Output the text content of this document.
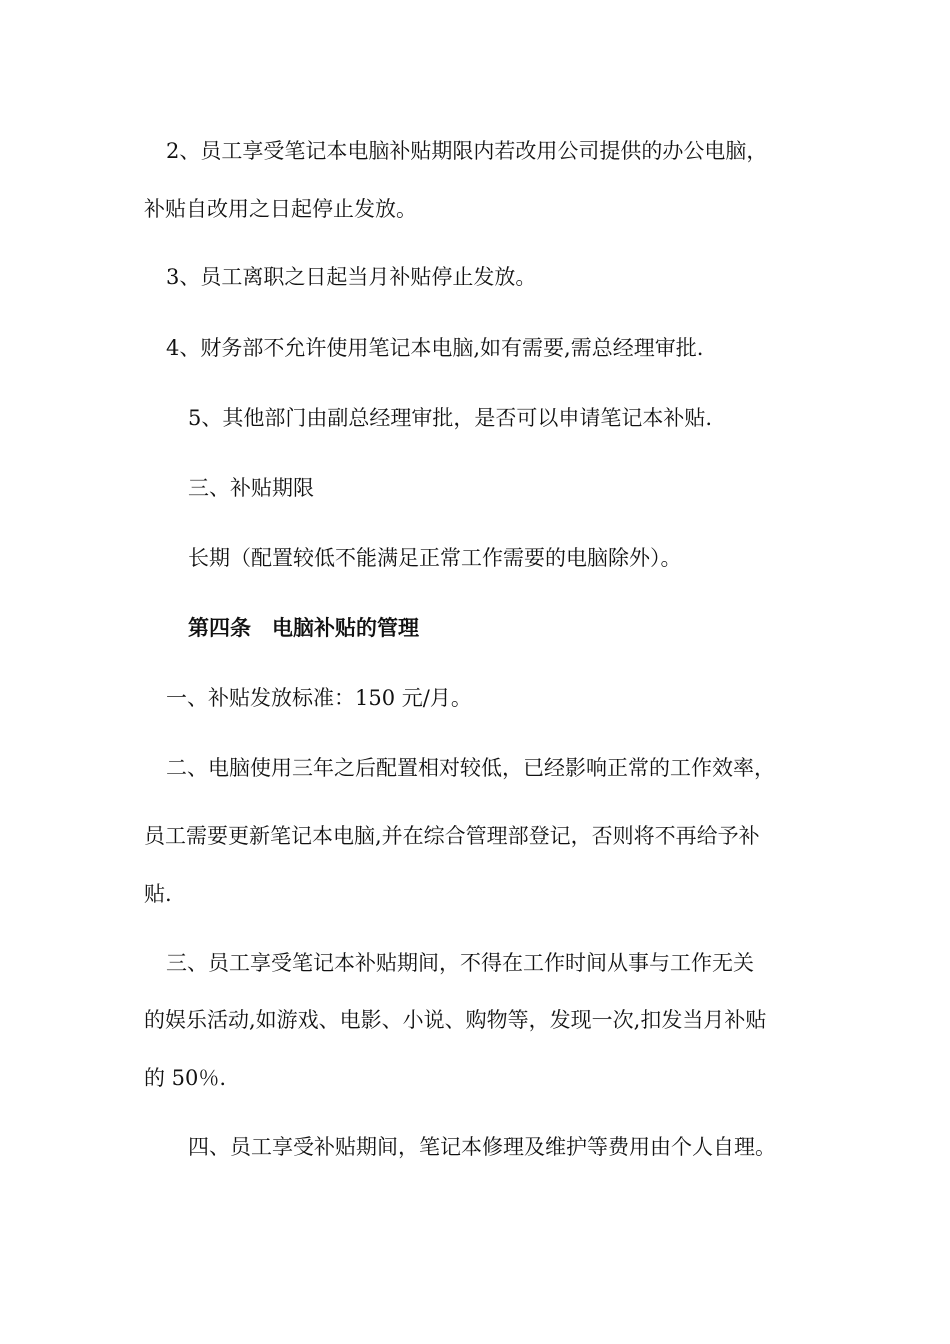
2、员工享受笔记本电脑补贴期限内若改用公司提供的办公电脑，
补贴自改用之日起停止发放。
3、员工离职之日起当月补贴停止发放。
4、财务部不允许使用笔记本电脑,如有需要,需总经理审批.
5、其他部门由副总经理审批，是否可以申请笔记本补贴.
三、补贴期限
长期（配置较低不能满足正常工作需要的电脑除外）。
第四条　电脑补贴的管理
一、补贴发放标准：150 元/月。
二、电脑使用三年之后配置相对较低，已经影响正常的工作效率，
员工需要更新笔记本电脑,并在综合管理部登记，否则将不再给予补
贴.
三、员工享受笔记本补贴期间，不得在工作时间从事与工作无关
的娱乐活动,如游戏、电影、小说、购物等，发现一次,扣发当月补贴
的 50％.
四、员工享受补贴期间，笔记本修理及维护等费用由个人自理。
